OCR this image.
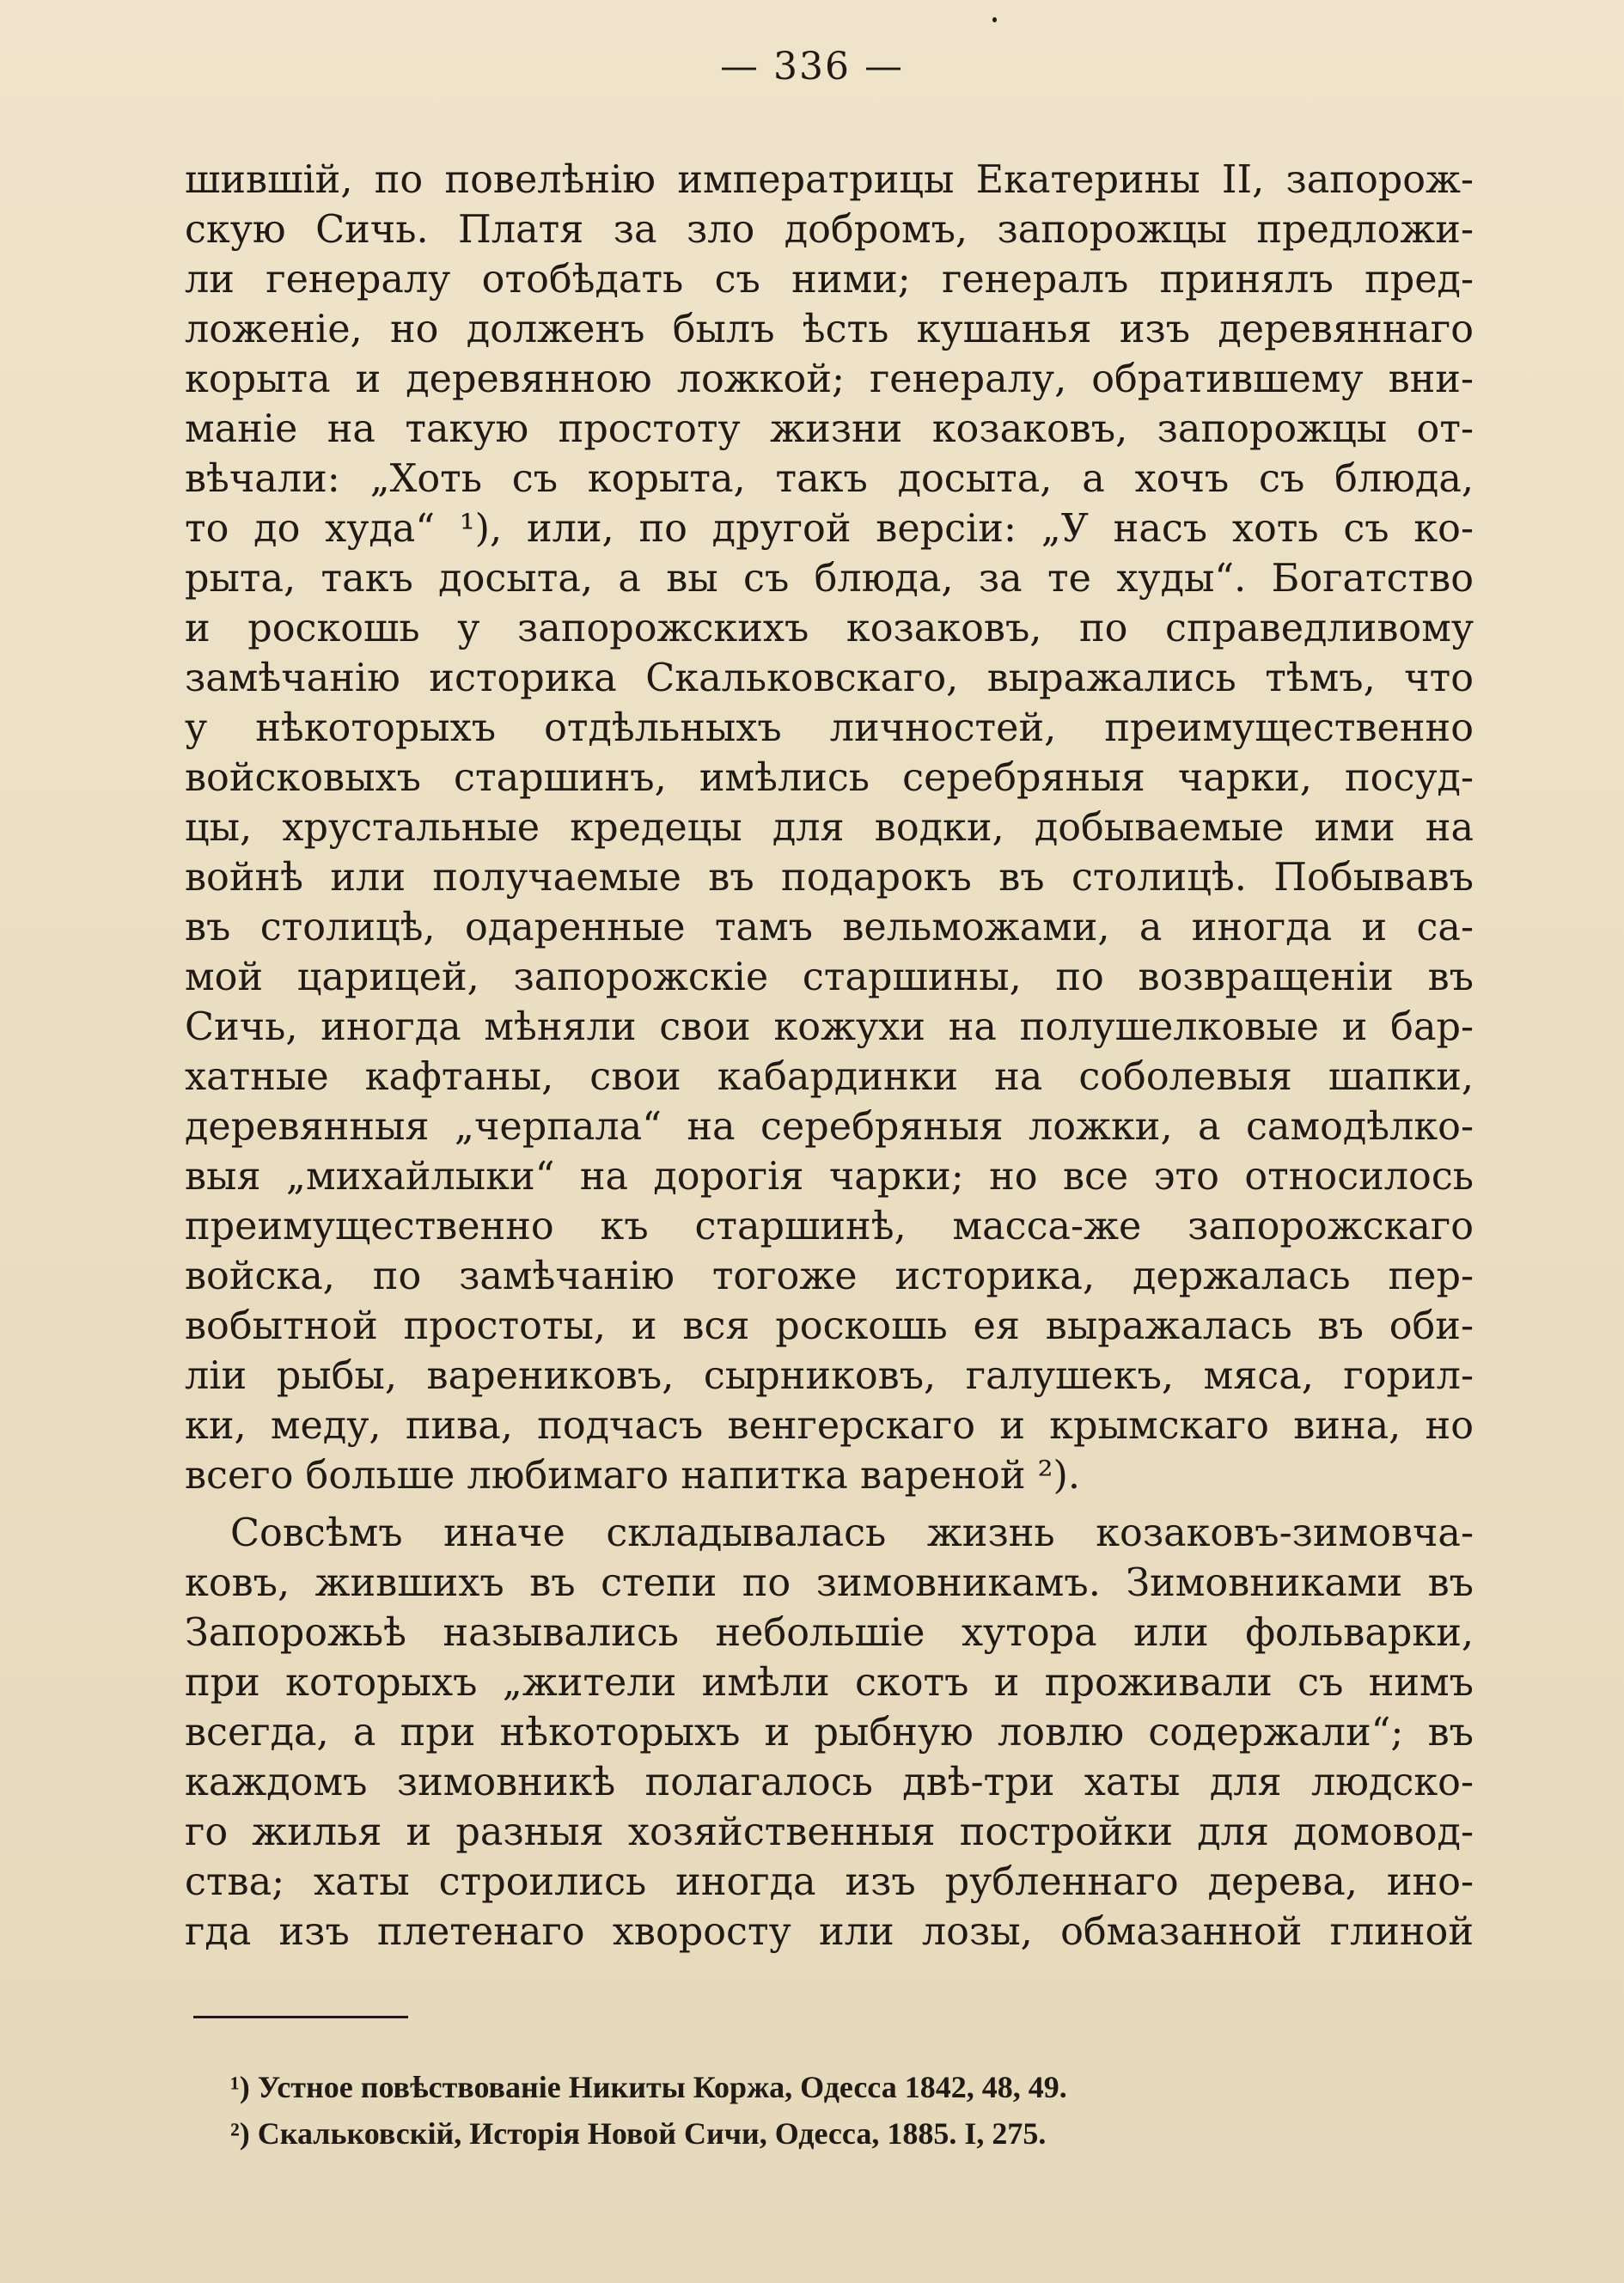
— 336 —
шившій, по повелѣнію императрицы Екатерины II, запорож-
скую Сичь. Платя за зло добромъ, запорожцы предложи-
ли генералу отобѣдать съ ними; генералъ принялъ пред-
ложеніе, но долженъ былъ ѣсть кушанья изъ деревяннаго
корыта и деревянною ложкой; генералу, обратившему вни-
маніе на такую простоту жизни козаковъ, запорожцы от-
вѣчали: „Хоть съ корыта, такъ досыта, а хочъ съ блюда,
то до худа“ ¹), или, по другой версіи: „У насъ хоть съ ко-
рыта, такъ досыта, а вы съ блюда, за те худы“. Богатство
и роскошь у запорожскихъ козаковъ, по справедливому
замѣчанію историка Скальковскаго, выражались тѣмъ, что
у нѣкоторыхъ отдѣльныхъ личностей, преимущественно
войсковыхъ старшинъ, имѣлись серебряныя чарки, посуд-
цы, хрустальные кредецы для водки, добываемые ими на
войнѣ или получаемые въ подарокъ въ столицѣ. Побывавъ
въ столицѣ, одаренные тамъ вельможами, а иногда и са-
мой царицей, запорожскіе старшины, по возвращеніи въ
Сичь, иногда мѣняли свои кожухи на полушелковые и бар-
хатные кафтаны, свои кабардинки на соболевыя шапки,
деревянныя „черпала“ на серебряныя ложки, а самодѣлко-
выя „михайлыки“ на дорогія чарки; но все это относилось
преимущественно къ старшинѣ, масса-же запорожскаго
войска, по замѣчанію тогоже историка, держалась пер-
вобытной простоты, и вся роскошь ея выражалась въ оби-
ліи рыбы, варениковъ, сырниковъ, галушекъ, мяса, горил-
ки, меду, пива, подчасъ венгерскаго и крымскаго вина, но
всего больше любимаго напитка вареной ²).
Совсѣмъ иначе складывалась жизнь козаковъ-зимовча-
ковъ, жившихъ въ степи по зимовникамъ. Зимовниками въ
Запорожьѣ назывались небольшіе хутора или фольварки,
при которыхъ „жители имѣли скотъ и проживали съ нимъ
всегда, а при нѣкоторыхъ и рыбную ловлю содержали“; въ
каждомъ зимовникѣ полагалось двѣ-три хаты для людско-
го жилья и разныя хозяйственныя постройки для домовод-
ства; хаты строились иногда изъ рубленнаго дерева, ино-
гда изъ плетенаго хворосту или лозы, обмазанной глиной
¹) Устное повѣствованіе Никиты Коржа, Одесса 1842, 48, 49.
²) Скальковскій, Исторія Новой Сичи, Одесса, 1885. I, 275.
